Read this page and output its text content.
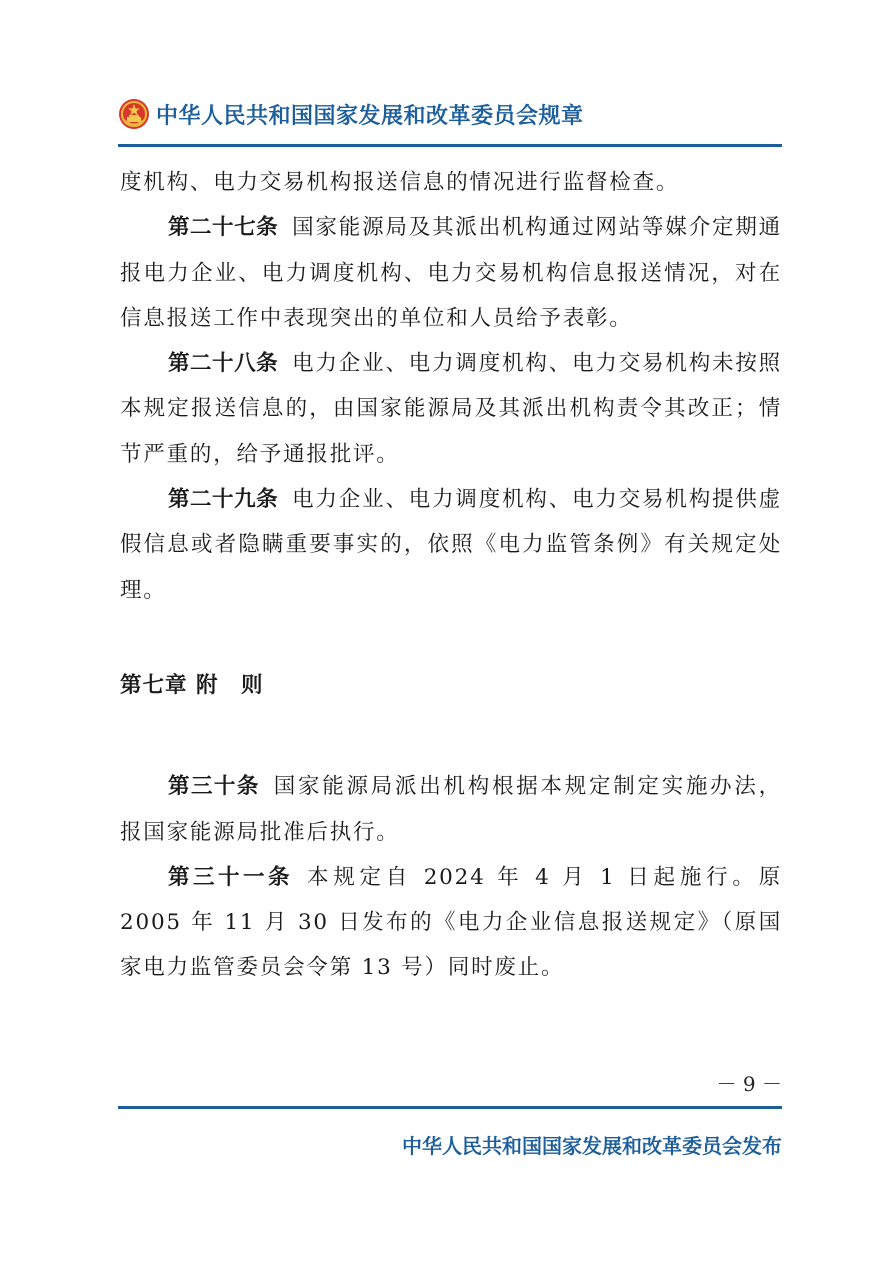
中华人民共和国国家发展和改革委员会规章

度机构、电力交易机构报送信息的情况进行监督检查。

第二十七条 国家能源局及其派出机构通过网站等媒介定期通报电力企业、电力调度机构、电力交易机构信息报送情况，对在信息报送工作中表现突出的单位和人员给予表彰。

第二十八条 电力企业、电力调度机构、电力交易机构未按照本规定报送信息的，由国家能源局及其派出机构责令其改正；情节严重的，给予通报批评。

第二十九条 电力企业、电力调度机构、电力交易机构提供虚假信息或者隐瞒重要事实的，依照《电力监管条例》有关规定处理。

第七章 附　则

第三十条 国家能源局派出机构根据本规定制定实施办法，报国家能源局批准后执行。

第三十一条 本规定自 2024 年 4 月 1 日起施行。原 2005 年 11 月 30 日发布的《电力企业信息报送规定》（原国家电力监管委员会令第 13 号）同时废止。

－ 9 －
中华人民共和国国家发展和改革委员会发布
